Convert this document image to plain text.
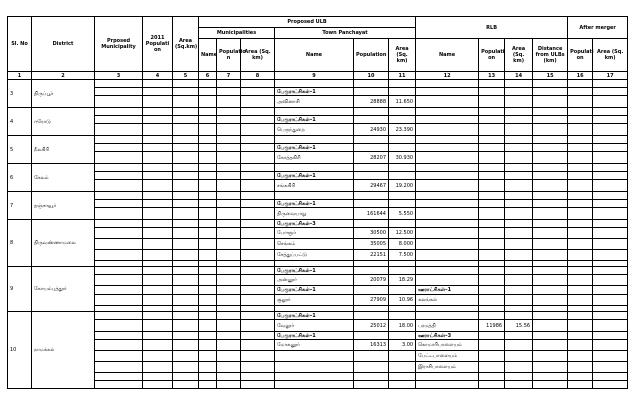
Sl. No	District	Prposed Municipality	2011 Populati on	Area (Sq.km)	Proposed ULB						RLB				After merger	
					Municipalities			Town Panchayat								
					Name	Populatio n	Area (Sq. km)	Name	Population	Area (Sq. km)	Name	Populati on	Area (Sq. km)	Distance from ULBs (km)	Populati on	Area (Sq. km)
1	2	3	4	5	6	7	8	9	10	11	12	13	14	15	16	17
3	திருப்பூர்															
								பேரூராட்சிகள்–1								
								அவினாசி	28888	11.650						
4	ஈரோடு															
								பேரூராட்சிகள்–1								
								பெருந்துறை	24930	23.390						
5	நீலகிரி															
								பேரூராட்சிகள்–1								
								கோத்தகிரி	28207	30.930						
6	சேலம்															
								பேரூராட்சிகள்–1								
								சங்ககிரி	29467	19.200						
7	தஞ்சாவூர்															
								பேரூராட்சிகள்–1								
								திருவையாறு	161644	5.550						
8	திருவண்ணாமலை							பேரூராட்சிகள்–3								
								போளூர்	30500	12.500						
								செங்கம்	35005	8.000						
								சேத்துப்பட்டு	22151	7.500						

9	கோயம்புத்தூர்							பேரூராட்சிகள்–1								
								அன்னூர்	20079	18.29						
								பேரூராட்சிகள்–1			ஊராட்சிகள்–1					
								சூலூர்	27909	10.96	கலங்கல்					

10	நாமக்கல்							பேரூராட்சிகள்–1								
								வேலூர்	25012	18.00	பரமத்தி	11986	15.56			
								பேரூராட்சிகள்–1			ஊராட்சிகள்–3					
								மோகனூர்	16313	3.00	கொமாரிபாளையம்					
											பேட்டபாளையம்					
											இராசிபாளையம்					
